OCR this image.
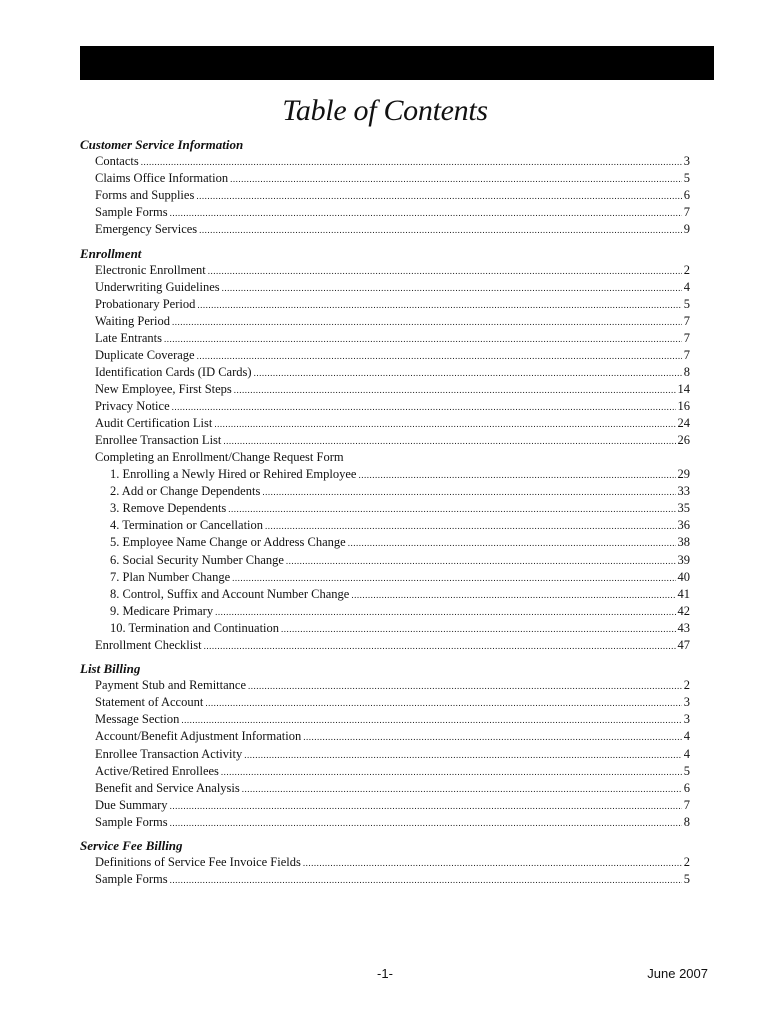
Table of Contents
Customer Service Information
Contacts .....	3
Claims Office Information .....	5
Forms and Supplies .....	6
Sample Forms .....	7
Emergency Services .....	9
Enrollment
Electronic Enrollment .....	2
Underwriting Guidelines .....	4
Probationary Period .....	5
Waiting Period .....	7
Late Entrants .....	7
Duplicate Coverage .....	7
Identification Cards (ID Cards) .....	8
New Employee, First Steps .....	14
Privacy Notice .....	16
Audit Certification List .....	24
Enrollee Transaction List .....	26
Completing an Enrollment/Change Request Form
1. Enrolling a Newly Hired or Rehired Employee .....	29
2. Add or Change Dependents .....	33
3. Remove Dependents .....	35
4. Termination or Cancellation .....	36
5. Employee Name Change or Address Change .....	38
6. Social Security Number Change .....	39
7. Plan Number Change .....	40
8. Control, Suffix and Account Number Change .....	41
9. Medicare Primary .....	42
10. Termination and Continuation .....	43
Enrollment Checklist .....	47
List Billing
Payment Stub and Remittance .....	2
Statement of Account .....	3
Message Section .....	3
Account/Benefit Adjustment Information .....	4
Enrollee Transaction Activity .....	4
Active/Retired Enrollees .....	5
Benefit and Service Analysis .....	6
Due Summary .....	7
Sample Forms .....	8
Service Fee Billing
Definitions of Service Fee Invoice Fields .....	2
Sample Forms .....	5
-1-	June 2007
